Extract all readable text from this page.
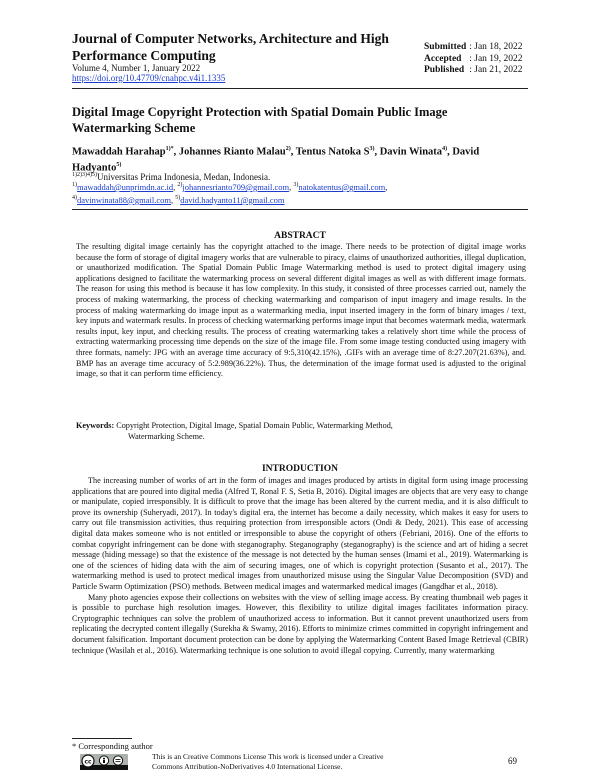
Journal of Computer Networks, Architecture and High Performance Computing
Volume 4, Number 1, January 2022
https://doi.org/10.47709/cnahpc.v4i1.1335
Submitted	: Jan 18, 2022
Accepted	: Jan 19, 2022
Published	: Jan 21, 2022
Digital Image Copyright Protection with Spatial Domain Public Image Watermarking Scheme
Mawaddah Harahap$^{1)*}$, Johannes Rianto Malau$^{2)}$, Tentus Natoka $S^{3)}$, Davin Winata$^{4)}$, David Hadyanto$^{5)}$
$^{1)2)3)4)5)}$Universitas Prima Indonesia, Medan, Indonesia.
$^{1)}$mawaddah@unprimdn.ac.id, $^{2)}$johannesrianto709@gmail.com, $^{3)}$natokatentus@gmail.com,
$^{4)}$davinwinata88@gmail.com, $^{5)}$david.hadyanto11@gmail.com
ABSTRACT
The resulting digital image certainly has the copyright attached to the image. There needs to be protection of digital image works because the form of storage of digital imagery works that are vulnerable to piracy, claims of unauthorized authorities, illegal duplication, or unauthorized modification. The Spatial Domain Public Image Watermarking method is used to protect digital imagery using applications designed to facilitate the watermarking process on several different digital images as well as with different image formats. The reason for using this method is because it has low complexity. In this study, it consisted of three processes carried out, namely the process of making watermarking, the process of checking watermarking and comparison of input imagery and image results. In the process of making watermarking do image input as a watermarking media, input inserted imagery in the form of binary images / text, key inputs and watermark results. In process of checking watermarking performs image input that becomes watermark media, watermark results input, key input, and checking results. The process of creating watermarking takes a relatively short time while the process of extracting watermarking processing time depends on the size of the image file. From some image testing conducted using imagery with three formats, namely: JPG with an average time accuracy of 9:5,310(42.15%), .GIFs with an average time of 8:27.207(21.63%), and. BMP has an average time accuracy of 5:2.989(36.22%). Thus, the determination of the image format used is adjusted to the original image, so that it can perform time efficiency.
Keywords: Copyright Protection, Digital Image, Spatial Domain Public, Watermarking Method,
Watermarking Scheme.
INTRODUCTION

The increasing number of works of art in the form of images and images produced by artists in digital form using image processing applications that are poured into digital media (Alfred T, Ronal F. S, Setia B, 2016). Digital images are objects that are very easy to change or manipulate, copied irresponsibly. It is difficult to prove that the image has been altered by the current media, and it is also difficult to prove its ownership (Suheryadi, 2017). In today's digital era, the internet has become a daily necessity, which makes it easy for users to carry out file transmission activities, thus requiring protection from irresponsible actors (Ondi & Dedy, 2021). This ease of accessing digital data makes someone who is not entitled or irresponsible to abuse the copyright of others (Febriani, 2016). One of the efforts to combat copyright infringement can be done with steganography. Steganography (steganography) is the science and art of hiding a secret message (hiding message) so that the existence of the message is not detected by the human senses (Imami et al., 2019). Watermarking is one of the sciences of hiding data with the aim of securing images, one of which is copyright protection (Susanto et al., 2017). The watermarking method is used to protect medical images from unauthorized misuse using the Singular Value Decomposition (SVD) and Particle Swarm Optimization (PSO) methods. Between medical images and watermarked medical images (Gangdhar et al., 2018).

Many photo agencies expose their collections on websites with the view of selling image access. By creating thumbnail web pages it is possible to purchase high resolution images. However, this flexibility to utilize digital images facilitates information piracy. Cryptographic techniques can solve the problem of unauthorized access to information. But it cannot prevent unauthorized users from replicating the decrypted content illegally (Surekha & Swamy, 2016). Efforts to minimize crimes committed in copyright infringement and document falsification. Important document protection can be done by applying the Watermarking Content Based Image Retrieval (CBIR) technique (Wasilah et al., 2016). Watermarking technique is one solution to avoid illegal copying. Currently, many watermarking

* Corresponding author
cc
This is an Creative Commons License This work is licensed under a Creative
Commons Attribution-NoDerivatives 4.0 International License.	69
